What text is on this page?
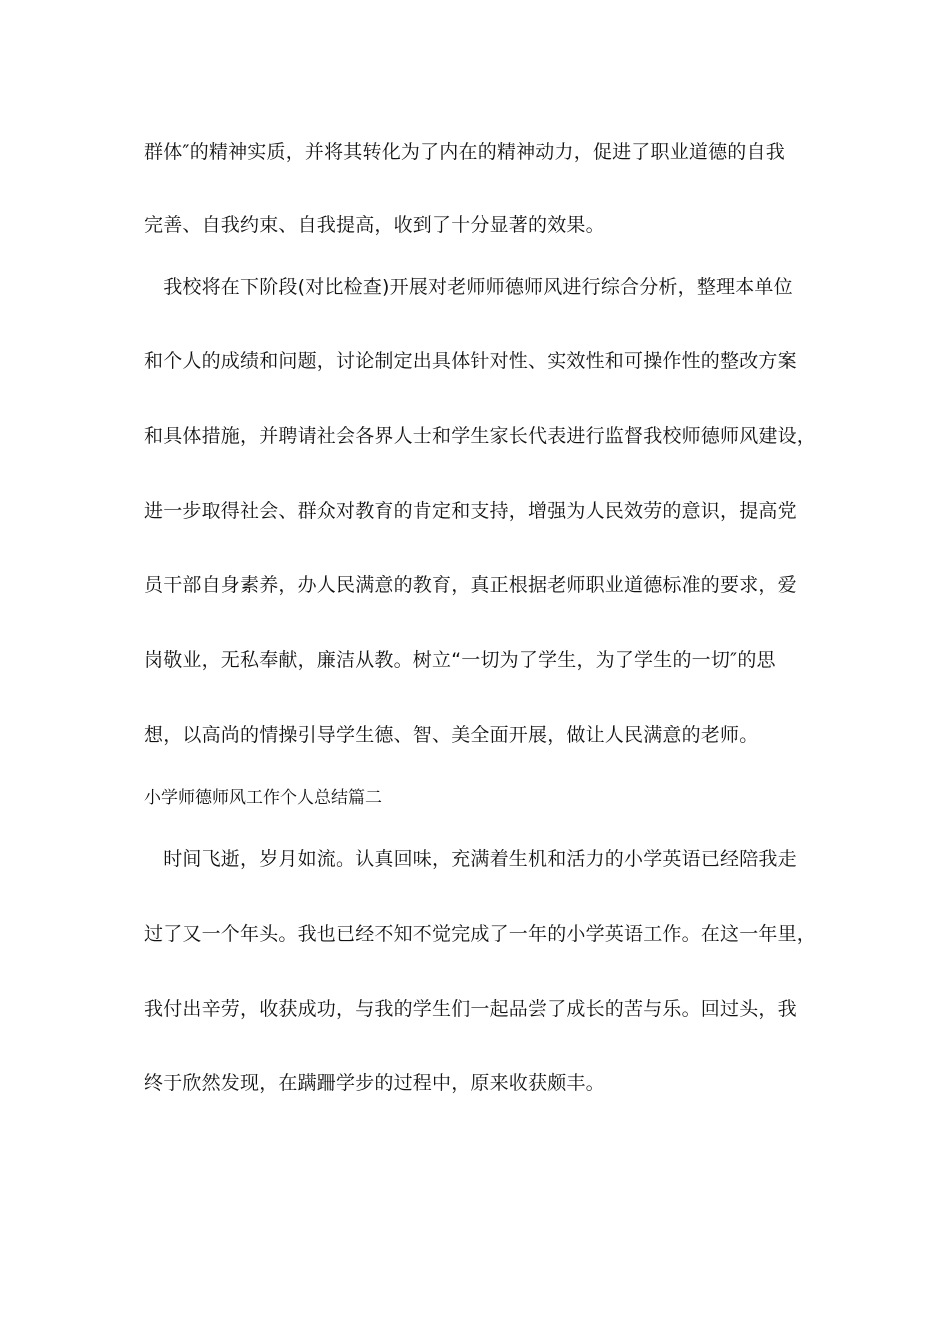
群体″的精神实质，并将其转化为了内在的精神动力，促进了职业道德的自我
完善、自我约束、自我提高，收到了十分显著的效果。
　我校将在下阶段(对比检查)开展对老师师德师风进行综合分析，整理本单位
和个人的成绩和问题，讨论制定出具体针对性、实效性和可操作性的整改方案
和具体措施，并聘请社会各界人士和学生家长代表进行监督我校师德师风建设，
进一步取得社会、群众对教育的肯定和支持，增强为人民效劳的意识，提高党
员干部自身素养，办人民满意的教育，真正根据老师职业道德标准的要求，爱
岗敬业，无私奉献，廉洁从教。树立“一切为了学生，为了学生的一切″的思
想，以高尚的情操引导学生德、智、美全面开展，做让人民满意的老师。
小学师德师风工作个人总结篇二
　时间飞逝，岁月如流。认真回味，充满着生机和活力的小学英语已经陪我走
过了又一个年头。我也已经不知不觉完成了一年的小学英语工作。在这一年里，
我付出辛劳，收获成功，与我的学生们一起品尝了成长的苦与乐。回过头，我
终于欣然发现，在蹒跚学步的过程中，原来收获颇丰。
